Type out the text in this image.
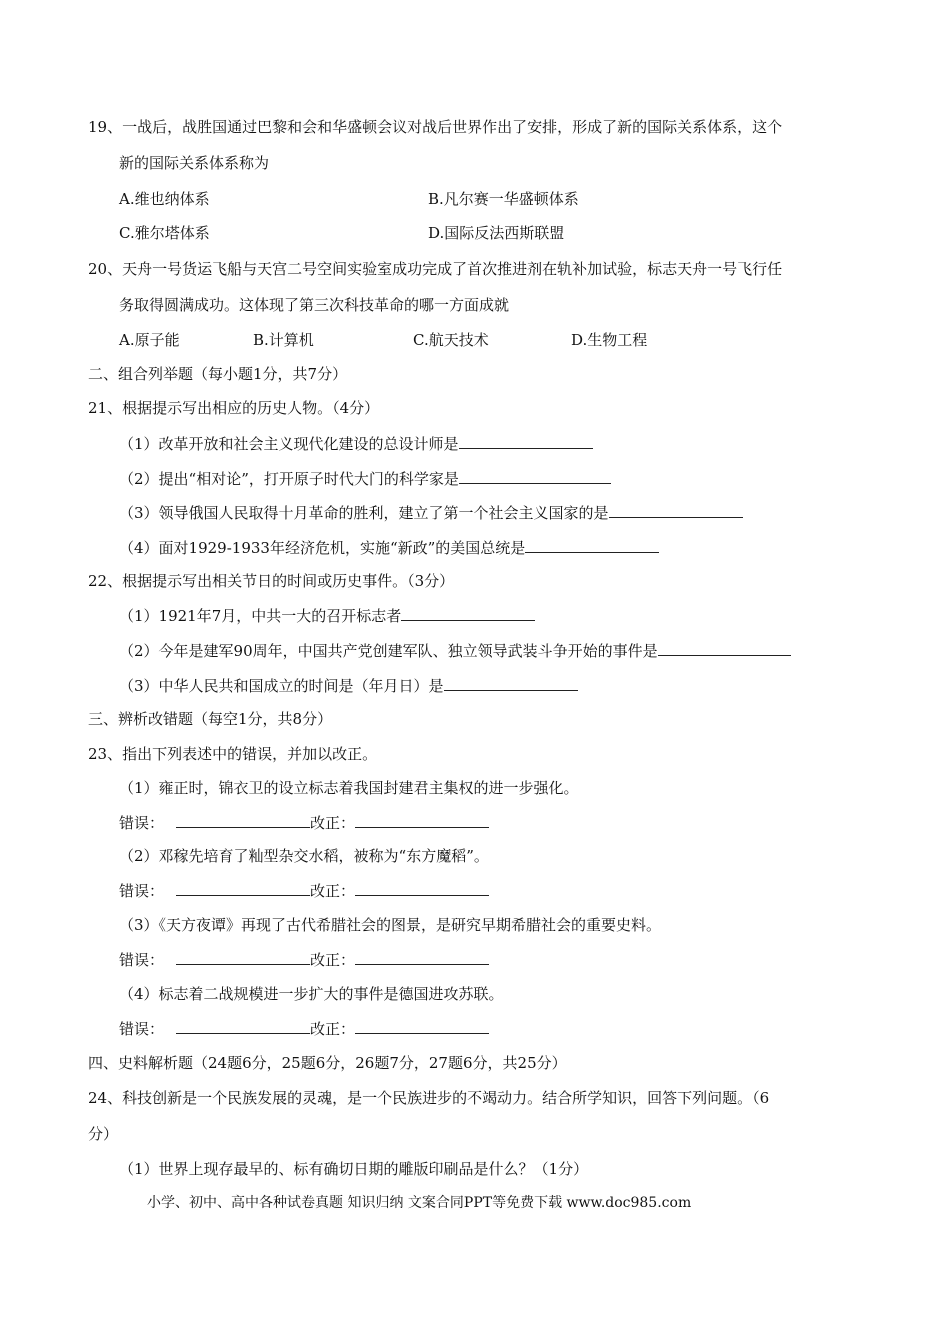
19、一战后，战胜国通过巴黎和会和华盛顿会议对战后世界作出了安排，形成了新的国际关系体系，这个
新的国际关系体系称为
A.维也纳体系	B.凡尔赛一华盛顿体系
C.雅尔塔体系	D.国际反法西斯联盟
20、天舟一号货运飞船与天宫二号空间实验室成功完成了首次推进剂在轨补加试验，标志天舟一号飞行任
务取得圆满成功。这体现了第三次科技革命的哪一方面成就
A.原子能	B.计算机	C.航天技术	D.生物工程
二、组合列举题（每小题1分，共7分）
21、根据提示写出相应的历史人物。（4分）
（1）改革开放和社会主义现代化建设的总设计师是
（2）提出“相对论”，打开原子时代大门的科学家是
（3）领导俄国人民取得十月革命的胜利，建立了第一个社会主义国家的是
（4）面对1929-1933年经济危机，实施“新政”的美国总统是
22、根据提示写出相关节日的时间或历史事件。（3分）
（1）1921年7月，中共一大的召开标志者
（2）今年是建军90周年，中国共产党创建军队、独立领导武装斗争开始的事件是
（3）中华人民共和国成立的时间是（年月日）是
三、辨析改错题（每空1分，共8分）
23、指出下列表述中的错误，并加以改正。
（1）雍正时，锦衣卫的设立标志着我国封建君主集权的进一步强化。
错误：	改正：
（2）邓稼先培育了籼型杂交水稻，被称为“东方魔稻”。
错误：	改正：
（3）《天方夜谭》再现了古代希腊社会的图景，是研究早期希腊社会的重要史料。
错误：	改正：
（4）标志着二战规模进一步扩大的事件是德国进攻苏联。
错误：	改正：
四、史料解析题（24题6分，25题6分，26题7分，27题6分，共25分）
24、科技创新是一个民族发展的灵魂，是一个民族进步的不竭动力。结合所学知识，回答下列问题。（6
分）
（1）世界上现存最早的、标有确切日期的雕版印刷品是什么？（1分）
小学、初中、高中各种试卷真题 知识归纳 文案合同PPT等免费下载 www.doc985.com
